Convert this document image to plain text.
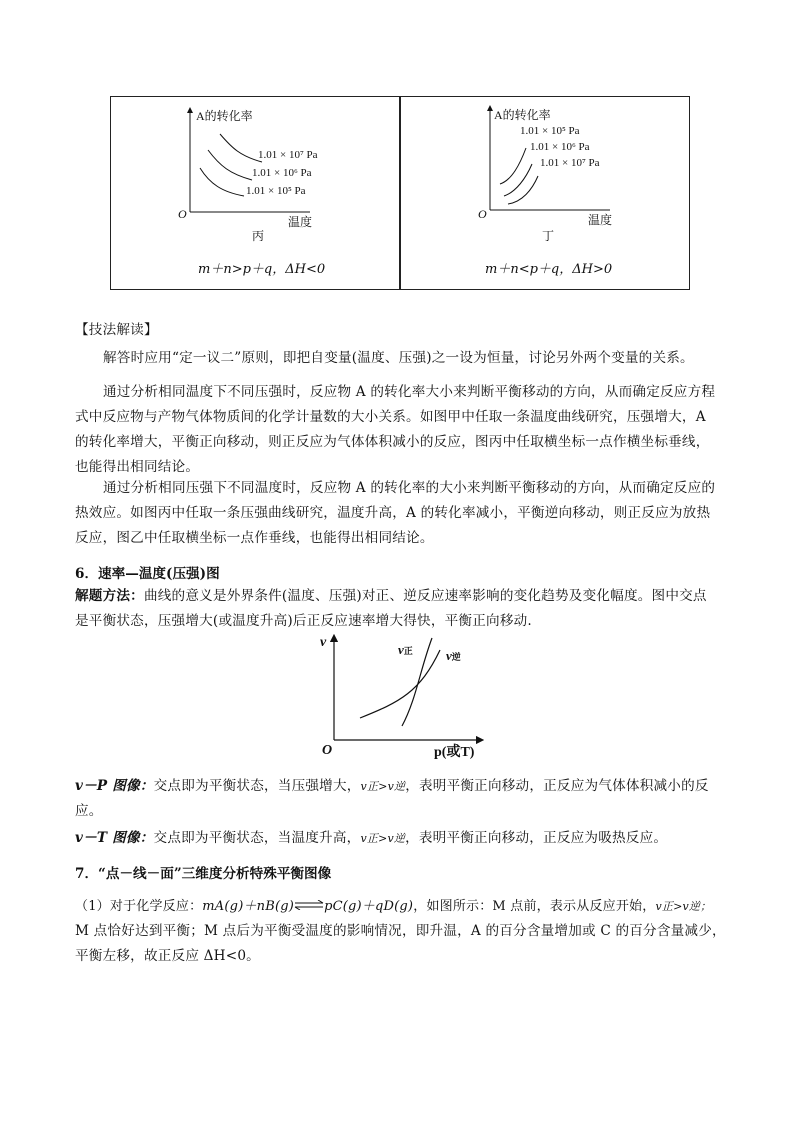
A的转化率
1.01 × 10⁷ Pa
1.01 × 10⁶ Pa
1.01 × 10⁵ Pa
O
温度
丙
m＋n>p＋q，ΔH<0
A的转化率
1.01 × 10⁵ Pa
1.01 × 10⁶ Pa
1.01 × 10⁷ Pa
O	温度
丁
m＋n<p＋q，ΔH>0
【技法解读】
解答时应用“定一议二”原则，即把自变量(温度、压强)之一设为恒量，讨论另外两个变量的关系。
通过分析相同温度下不同压强时，反应物 A 的转化率大小来判断平衡移动的方向，从而确定反应方程
式中反应物与产物气体物质间的化学计量数的大小关系。如图甲中任取一条温度曲线研究，压强增大，A
的转化率增大，平衡正向移动，则正反应为气体体积减小的反应，图丙中任取横坐标一点作横坐标垂线，
也能得出相同结论。
通过分析相同压强下不同温度时，反应物 A 的转化率的大小来判断平衡移动的方向，从而确定反应的
热效应。如图丙中任取一条压强曲线研究，温度升高，A 的转化率减小，平衡逆向移动，则正反应为放热
反应，图乙中任取横坐标一点作垂线，也能得出相同结论。
6．速率—温度(压强)图
解题方法：曲线的意义是外界条件(温度、压强)对正、逆反应速率影响的变化趋势及变化幅度。图中交点
是平衡状态，压强增大(或温度升高)后正反应速率增大得快，平衡正向移动.
v
O	p(或T)
v正	v逆
v－P 图像：交点即为平衡状态，当压强增大，v正>v逆，表明平衡正向移动，正反应为气体体积减小的反
应。
v－T 图像：交点即为平衡状态，当温度升高，v正>v逆，表明平衡正向移动，正反应为吸热反应。
7．“点－线－面”三维度分析特殊平衡图像
（1）对于化学反应：mA(g)＋nB(g)⇌pC(g)＋qD(g)，如图所示：M 点前，表示从反应开始，v正>v逆；
M 点恰好达到平衡；M 点后为平衡受温度的影响情况，即升温，A 的百分含量增加或 C 的百分含量减少，
平衡左移，故正反应 ΔH<0。
